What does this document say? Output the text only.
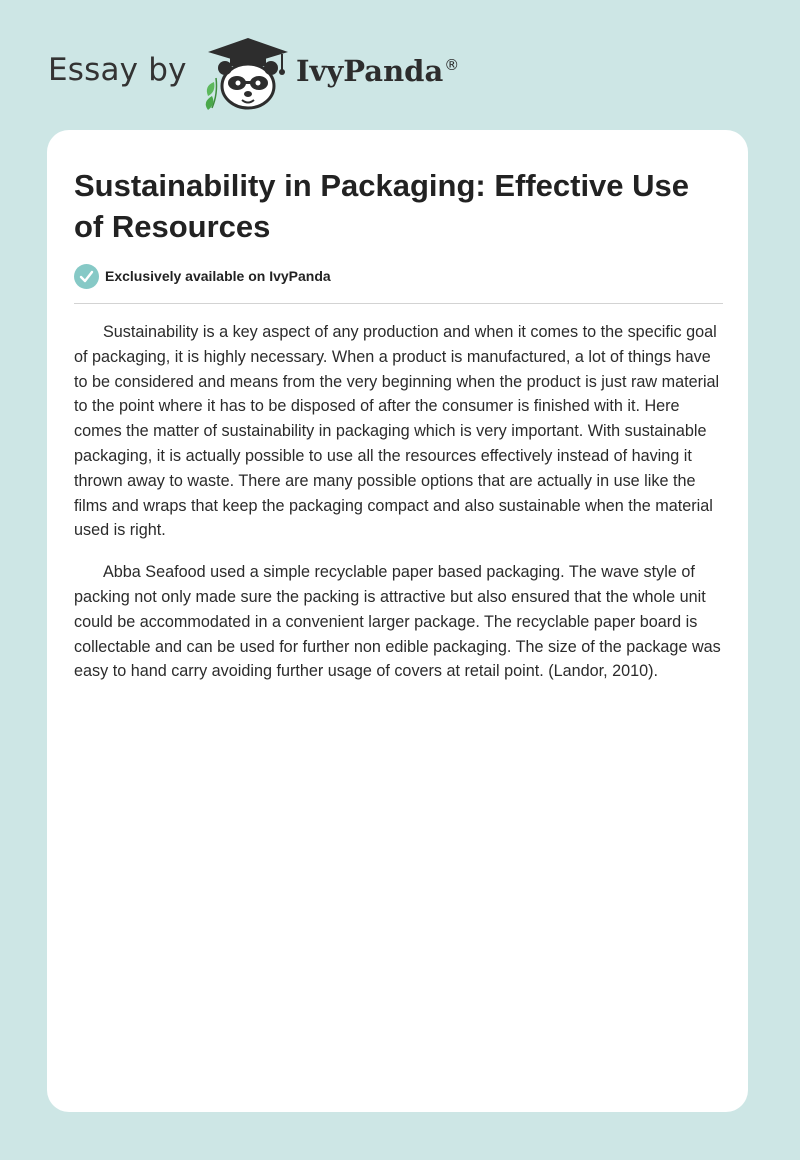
Essay by	IvyPanda®
Sustainability in Packaging: Effective Use of Resources
Exclusively available on IvyPanda

Sustainability is a key aspect of any production and when it comes to the specific goal of packaging, it is highly necessary. When a product is manufactured, a lot of things have to be considered and means from the very beginning when the product is just raw material to the point where it has to be disposed of after the consumer is finished with it. Here comes the matter of sustainability in packaging which is very important. With sustainable packaging, it is actually possible to use all the resources effectively instead of having it thrown away to waste. There are many possible options that are actually in use like the films and wraps that keep the packaging compact and also sustainable when the material used is right.

Abba Seafood used a simple recyclable paper based packaging. The wave style of packing not only made sure the packing is attractive but also ensured that the whole unit could be accommodated in a convenient larger package. The recyclable paper board is collectable and can be used for further non edible packaging. The size of the package was easy to hand carry avoiding further usage of covers at retail point. (Landor, 2010).
